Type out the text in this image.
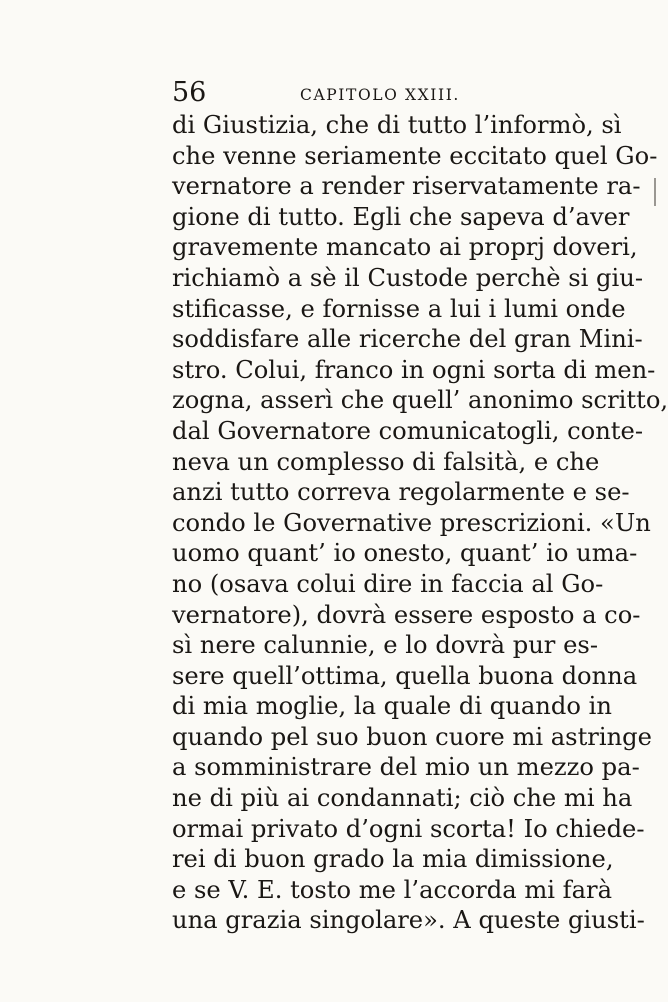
56	CAPITOLO XXIII.
di Giustizia, che di tutto l’informò, sì
che venne seriamente eccitato quel Go-
vernatore a render riservatamente ra-
gione di tutto. Egli che sapeva d’aver
gravemente mancato ai proprj doveri,
richiamò a sè il Custode perchè si giu-
stificasse, e fornisse a lui i lumi onde
soddisfare alle ricerche del gran Mini-
stro. Colui, franco in ogni sorta di men-
zogna, asserì che quell’ anonimo scritto,
dal Governatore comunicatogli, conte-
neva un complesso di falsità, e che
anzi tutto correva regolarmente e se-
condo le Governative prescrizioni. «Un
uomo quant’ io onesto, quant’ io uma-
no (osava colui dire in faccia al Go-
vernatore), dovrà essere esposto a co-
sì nere calunnie, e lo dovrà pur es-
sere quell’ottima, quella buona donna
di mia moglie, la quale di quando in
quando pel suo buon cuore mi astringe
a somministrare del mio un mezzo pa-
ne di più ai condannati; ciò che mi ha
ormai privato d’ogni scorta! Io chiede-
rei di buon grado la mia dimissione,
e se V. E. tosto me l’accorda mi farà
una grazia singolare». A queste giusti-
